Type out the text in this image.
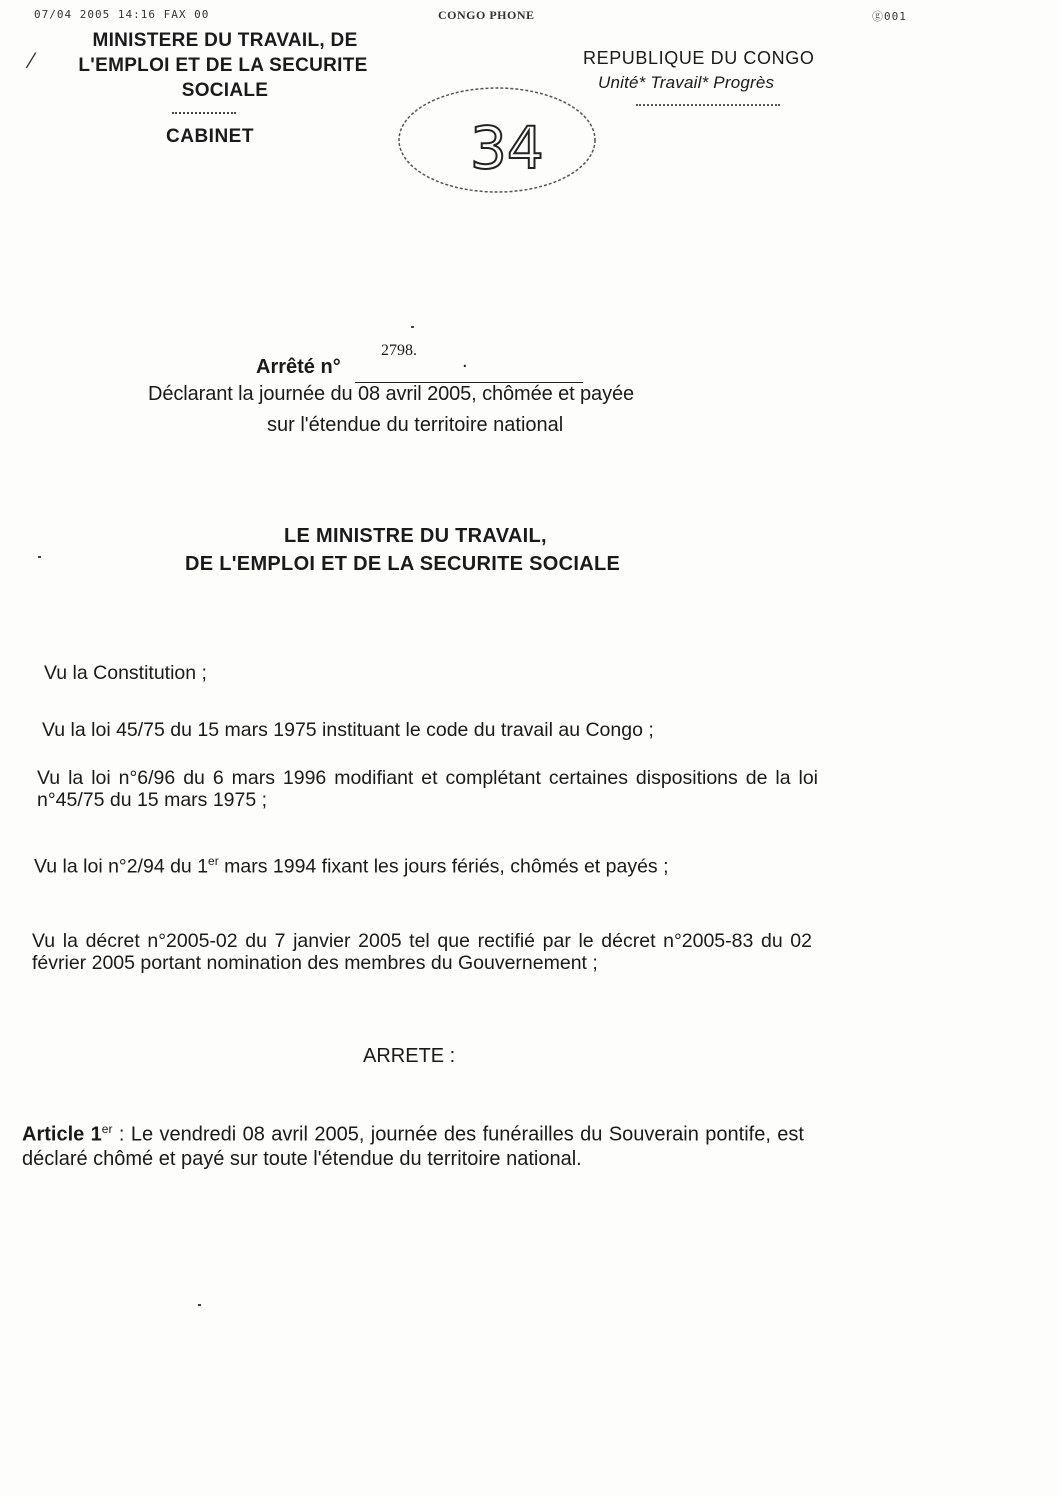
07/04 2005 14:16 FAX 00	CONGO PHONE	ⓖ001
⁄
MINISTERE DU TRAVAIL, DE
L'EMPLOI ET DE LA SECURITE
SOCIALE
CABINET
REPUBLIQUE DU CONGO
Unité* Travail* Progrès
34
Arrêté n°
2798. .
Déclarant la journée du 08 avril 2005, chômée et payée
sur l'étendue du territoire national
LE MINISTRE DU TRAVAIL,
DE L'EMPLOI ET DE LA SECURITE SOCIALE
Vu la Constitution ;
Vu la loi 45/75 du 15 mars 1975 instituant le code du travail au Congo ;
Vu la loi n°6/96 du 6 mars 1996 modifiant et complétant certaines dispositions de la loi n°45/75 du 15 mars 1975 ;
Vu la loi n°2/94 du 1er mars 1994 fixant les jours fériés, chômés et payés ;
Vu la décret n°2005-02 du 7 janvier 2005 tel que rectifié par le décret n°2005-83 du 02 février 2005 portant nomination des membres du Gouvernement ;
ARRETE :
Article 1er : Le vendredi 08 avril 2005, journée des funérailles du Souverain pontife, est déclaré chômé et payé sur toute l'étendue du territoire national.
